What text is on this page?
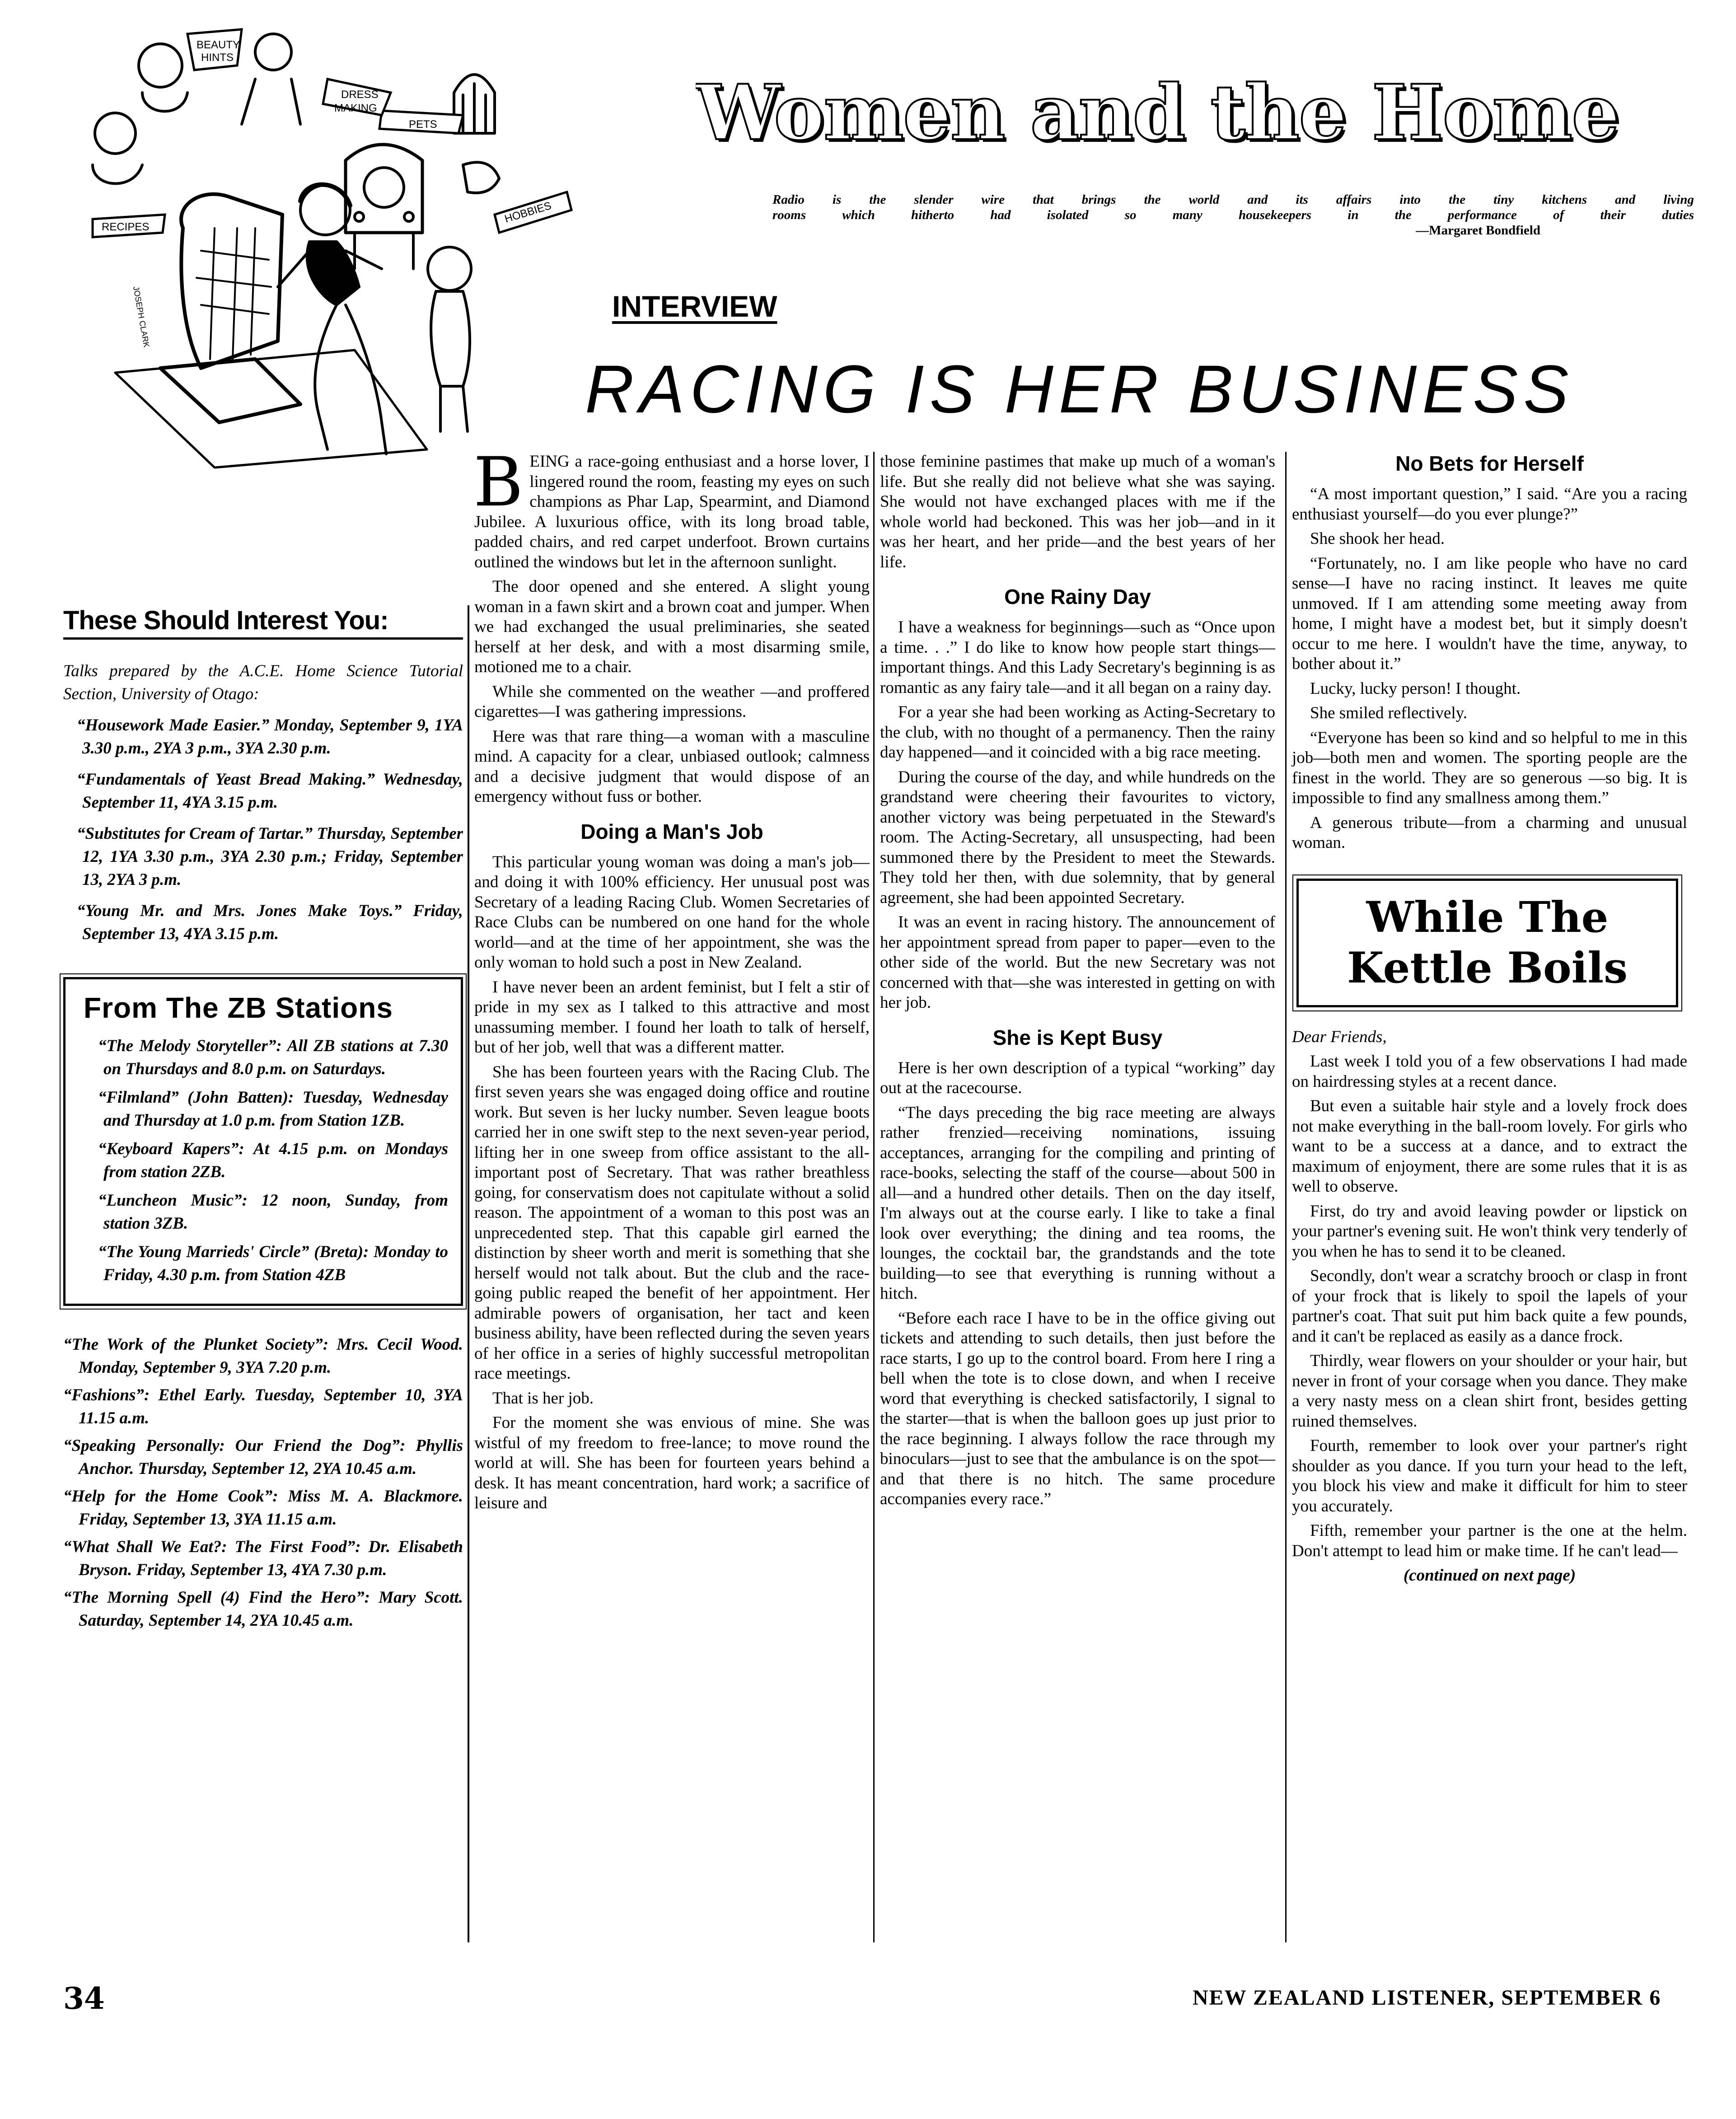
Women and the Home
Radio is the slender wire that brings the world and its affairs into the tiny kitchens and living
rooms which hitherto had isolated so many housekeepers in the performance of their duties
—Margaret Bondfield
BEAUTY
HINTS
RECIPES
DRESS
MAKING
PETS
HOBBIES
JOSEPH CLARK	INTERVIEW
RACING IS HER BUSINESS
These Should Interest You:

Talks prepared by the A.C.E. Home Science Tutorial Section, University of Otago:

“Housework Made Easier.” Monday, September 9, 1YA 3.30 p.m., 2YA 3 p.m., 3YA 2.30 p.m.

“Fundamentals of Yeast Bread Making.” Wednesday, September 11, 4YA 3.15 p.m.

“Substitutes for Cream of Tartar.” Thursday, September 12, 1YA 3.30 p.m., 3YA 2.30 p.m.; Friday, September 13, 2YA 3 p.m.

“Young Mr. and Mrs. Jones Make Toys.” Friday, September 13, 4YA 3.15 p.m.

From The ZB Stations

“The Melody Storyteller”: All ZB stations at 7.30 on Thursdays and 8.0 p.m. on Saturdays.

“Filmland” (John Batten): Tuesday, Wednesday and Thursday at 1.0 p.m. from Station 1ZB.

“Keyboard Kapers”: At 4.15 p.m. on Mondays from station 2ZB.

“Luncheon Music”: 12 noon, Sunday, from station 3ZB.

“The Young Marrieds' Circle” (Breta): Monday to Friday, 4.30 p.m. from Station 4ZB

“The Work of the Plunket Society”: Mrs. Cecil Wood. Monday, September 9, 3YA 7.20 p.m.

“Fashions”: Ethel Early. Tuesday, September 10, 3YA 11.15 a.m.

“Speaking Personally: Our Friend the Dog”: Phyllis Anchor. Thursday, September 12, 2YA 10.45 a.m.

“Help for the Home Cook”: Miss M. A. Blackmore. Friday, September 13, 3YA 11.15 a.m.

“What Shall We Eat?: The First Food”: Dr. Elisabeth Bryson. Friday, September 13, 4YA 7.30 p.m.

“The Morning Spell (4) Find the Hero”: Mary Scott. Saturday, September 14, 2YA 10.45 a.m.

BEING a race-going enthusiast and a horse lover, I lingered round the room, feasting my eyes on such champions as Phar Lap, Spearmint, and Diamond Jubilee. A luxurious office, with its long broad table, padded chairs, and red carpet underfoot. Brown curtains outlined the windows but let in the afternoon sunlight.

The door opened and she entered. A slight young woman in a fawn skirt and a brown coat and jumper. When we had exchanged the usual preliminaries, she seated herself at her desk, and with a most disarming smile, motioned me to a chair.

While she commented on the weather —and proffered cigarettes—I was gathering impressions.

Here was that rare thing—a woman with a masculine mind. A capacity for a clear, unbiased outlook; calmness and a decisive judgment that would dispose of an emergency without fuss or bother.

Doing a Man's Job

This particular young woman was doing a man's job—and doing it with 100% efficiency. Her unusual post was Secretary of a leading Racing Club. Women Secretaries of Race Clubs can be numbered on one hand for the whole world—and at the time of her appointment, she was the only woman to hold such a post in New Zealand.

I have never been an ardent feminist, but I felt a stir of pride in my sex as I talked to this attractive and most unassuming member. I found her loath to talk of herself, but of her job, well that was a different matter.

She has been fourteen years with the Racing Club. The first seven years she was engaged doing office and routine work. But seven is her lucky number. Seven league boots carried her in one swift step to the next seven-year period, lifting her in one sweep from office assistant to the all-important post of Secretary. That was rather breathless going, for conservatism does not capitulate without a solid reason. The appointment of a woman to this post was an unprecedented step. That this capable girl earned the distinction by sheer worth and merit is something that she herself would not talk about. But the club and the race-going public reaped the benefit of her appointment. Her admirable powers of organisation, her tact and keen business ability, have been reflected during the seven years of her office in a series of highly successful metropolitan race meetings.

That is her job.

For the moment she was envious of mine. She was wistful of my freedom to free-lance; to move round the world at will. She has been for fourteen years behind a desk. It has meant concentration, hard work; a sacrifice of leisure and

those feminine pastimes that make up much of a woman's life. But she really did not believe what she was saying. She would not have exchanged places with me if the whole world had beckoned. This was her job—and in it was her heart, and her pride—and the best years of her life.

One Rainy Day

I have a weakness for beginnings—such as “Once upon a time. . .” I do like to know how people start things—important things. And this Lady Secretary's beginning is as romantic as any fairy tale—and it all began on a rainy day.

For a year she had been working as Acting-Secretary to the club, with no thought of a permanency. Then the rainy day happened—and it coincided with a big race meeting.

During the course of the day, and while hundreds on the grandstand were cheering their favourites to victory, another victory was being perpetuated in the Steward's room. The Acting-Secretary, all unsuspecting, had been summoned there by the President to meet the Stewards. They told her then, with due solemnity, that by general agreement, she had been appointed Secretary.

It was an event in racing history. The announcement of her appointment spread from paper to paper—even to the other side of the world. But the new Secretary was not concerned with that—she was interested in getting on with her job.

She is Kept Busy

Here is her own description of a typical “working” day out at the racecourse.

“The days preceding the big race meeting are always rather frenzied—receiving nominations, issuing acceptances, arranging for the compiling and printing of race-books, selecting the staff of the course—about 500 in all—and a hundred other details. Then on the day itself, I'm always out at the course early. I like to take a final look over everything; the dining and tea rooms, the lounges, the cocktail bar, the grandstands and the tote building—to see that everything is running without a hitch.

“Before each race I have to be in the office giving out tickets and attending to such details, then just before the race starts, I go up to the control board. From here I ring a bell when the tote is to close down, and when I receive word that everything is checked satisfactorily, I signal to the starter—that is when the balloon goes up just prior to the race beginning. I always follow the race through my binoculars—just to see that the ambulance is on the spot—and that there is no hitch. The same procedure accompanies every race.”

No Bets for Herself

“A most important question,” I said. “Are you a racing enthusiast yourself—do you ever plunge?”

She shook her head.

“Fortunately, no. I am like people who have no card sense—I have no racing instinct. It leaves me quite unmoved. If I am attending some meeting away from home, I might have a modest bet, but it simply doesn't occur to me here. I wouldn't have the time, anyway, to bother about it.”

Lucky, lucky person! I thought.

She smiled reflectively.

“Everyone has been so kind and so helpful to me in this job—both men and women. The sporting people are the finest in the world. They are so generous —so big. It is impossible to find any smallness among them.”

A generous tribute—from a charming and unusual woman.

While The
Kettle Boils

Dear Friends,

Last week I told you of a few observations I had made on hairdressing styles at a recent dance.

But even a suitable hair style and a lovely frock does not make everything in the ball-room lovely. For girls who want to be a success at a dance, and to extract the maximum of enjoyment, there are some rules that it is as well to observe.

First, do try and avoid leaving powder or lipstick on your partner's evening suit. He won't think very tenderly of you when he has to send it to be cleaned.

Secondly, don't wear a scratchy brooch or clasp in front of your frock that is likely to spoil the lapels of your partner's coat. That suit put him back quite a few pounds, and it can't be replaced as easily as a dance frock.

Thirdly, wear flowers on your shoulder or your hair, but never in front of your corsage when you dance. They make a very nasty mess on a clean shirt front, besides getting ruined themselves.

Fourth, remember to look over your partner's right shoulder as you dance. If you turn your head to the left, you block his view and make it difficult for him to steer you accurately.

Fifth, remember your partner is the one at the helm. Don't attempt to lead him or make time. If he can't lead—

(continued on next page)

34	NEW ZEALAND LISTENER, SEPTEMBER 6
